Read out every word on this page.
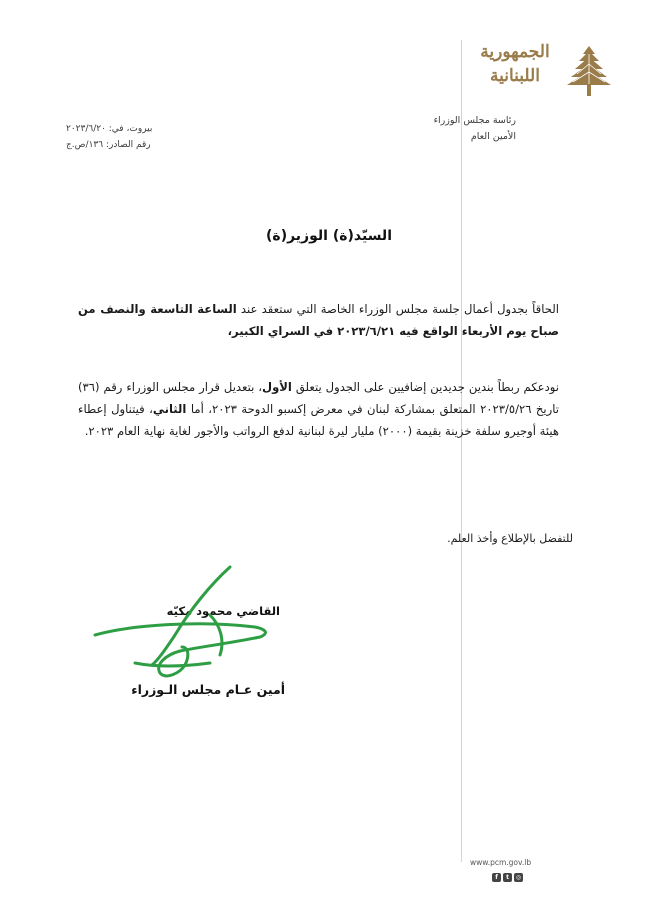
الجمهورية
اللبنانية
رئاسة مجلس الوزراء
الأمين العام
بيروت، في: ٢٠٢٣/٦/٢٠
رقم الصادر: ١٣٦/ص.ج
السيّد(ة) الوزير(ة)
الحاقاً بجدول أعمال جلسة مجلس الوزراء الخاصة التي ستعقد عند الساعة التاسعة والنصف من صباح يوم الأربعاء الواقع فيه ٢٠٢٣/٦/٢١ في السراي الكبير،
نودعكم ربطاً بندين جديدين إضافيين على الجدول يتعلق الأول، بتعديل قرار مجلس الوزراء رقم (٣٦) تاريخ ٢٠٢٣/٥/٢٦ المتعلق بمشاركة لبنان في معرض إكسبو الدوحة ٢٠٢٣، أما الثاني، فيتناول إعطاء هيئة أوجيرو سلفة خزينة بقيمة (٢٠٠٠) مليار ليرة لبنانية لدفع الرواتب والأجور لغاية نهاية العام ٢٠٢٣.
للتفضل بالإطلاع وأخذ العلم.
القاضي محمود مكيّه
أمين عـام مجلس الـوزراء
www.pcm.gov.lb
f	t	◎
